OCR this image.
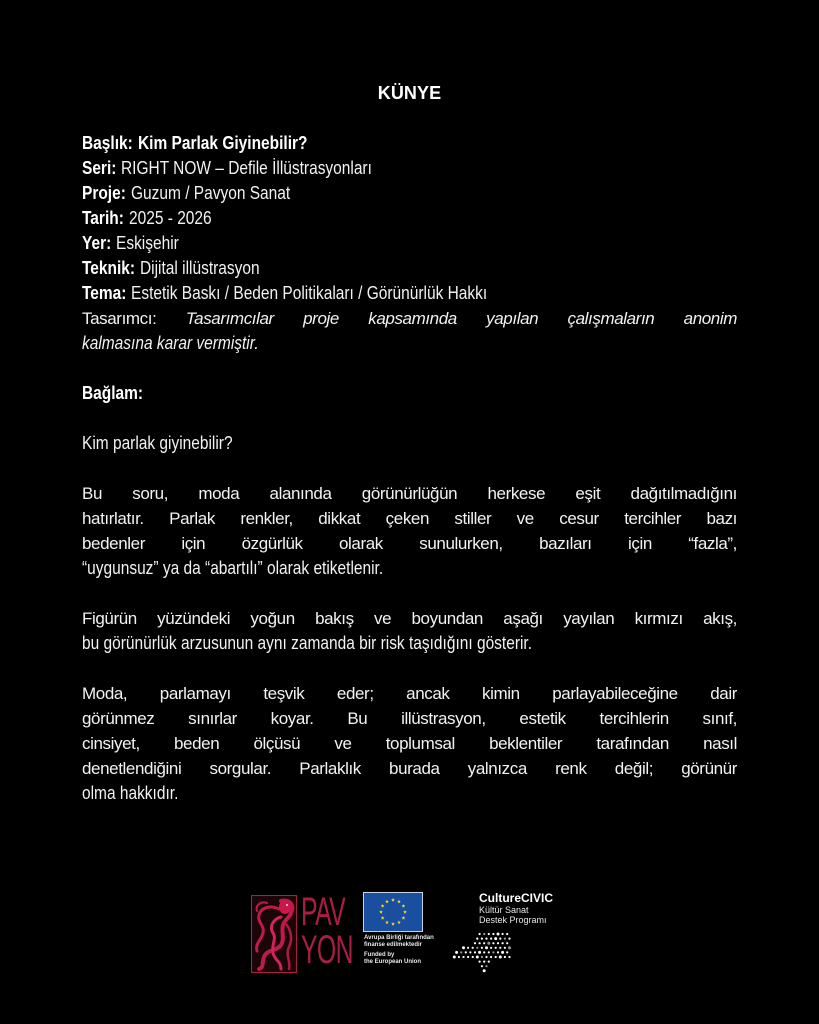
KÜNYE
Başlık: Kim Parlak Giyinebilir?
Seri: RIGHT NOW – Defile İllüstrasyonları
Proje: Guzum / Pavyon Sanat
Tarih: 2025 - 2026
Yer: Eskişehir
Teknik: Dijital illüstrasyon
Tema: Estetik Baskı / Beden Politikaları / Görünürlük Hakkı
Tasarımcı: Tasarımcılar proje kapsamında yapılan çalışmaların anonim
kalmasına karar vermiştir.
Bağlam:
Kim parlak giyinebilir?
Bu soru, moda alanında görünürlüğün herkese eşit dağıtılmadığını
hatırlatır. Parlak renkler, dikkat çeken stiller ve cesur tercihler bazı
bedenler için özgürlük olarak sunulurken, bazıları için “fazla”,
“uygunsuz” ya da “abartılı” olarak etiketlenir.
Figürün yüzündeki yoğun bakış ve boyundan aşağı yayılan kırmızı akış,
bu görünürlük arzusunun aynı zamanda bir risk taşıdığını gösterir.
Moda, parlamayı teşvik eder; ancak kimin parlayabileceğine dair
görünmez sınırlar koyar. Bu illüstrasyon, estetik tercihlerin sınıf,
cinsiyet, beden ölçüsü ve toplumsal beklentiler tarafından nasıl
denetlendiğini sorgular. Parlaklık burada yalnızca renk değil; görünür
olma hakkıdır.
PAV
YON Avrupa Birliği tarafından
finanse edilmektedir
Funded by
the European Union
CultureCIVIC
Kültür Sanat
Destek Programı
